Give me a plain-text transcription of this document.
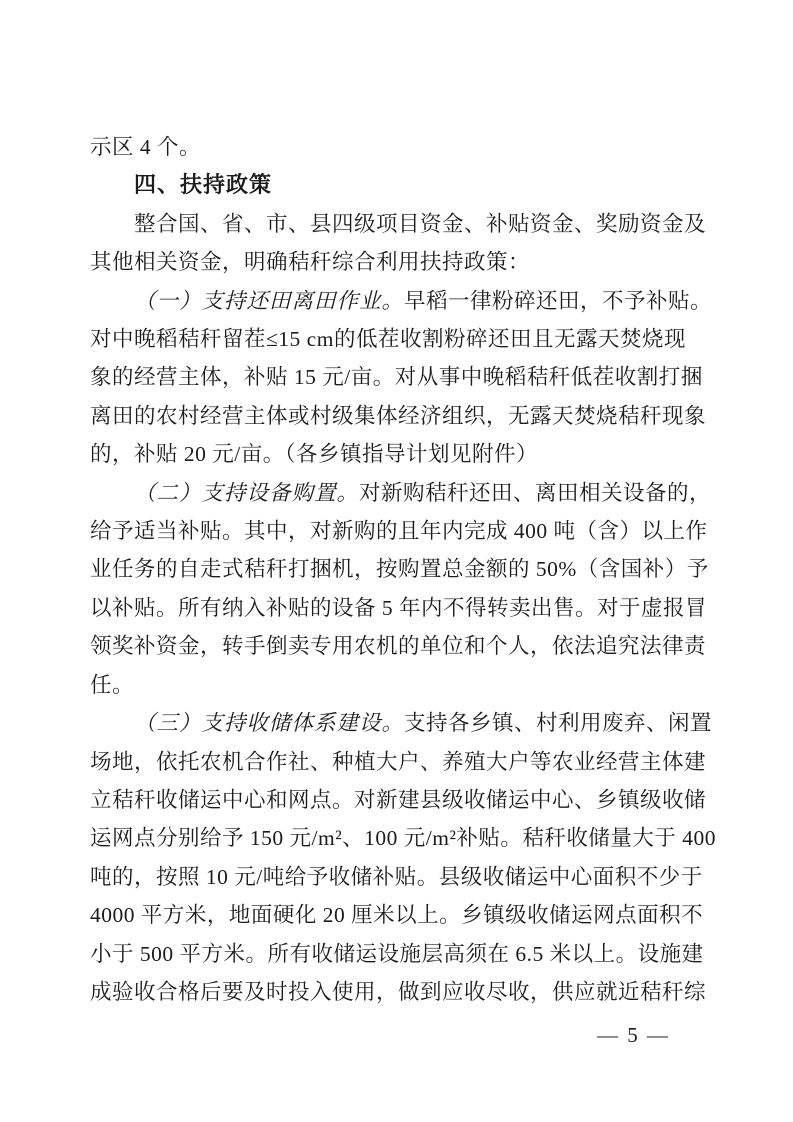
示区 4 个。
四、扶持政策
整合国、省、市、县四级项目资金、补贴资金、奖励资金及
其他相关资金，明确秸秆综合利用扶持政策：
（一）支持还田离田作业。早稻一律粉碎还田，不予补贴。
对中晚稻秸秆留茬≤15 cm的低茬收割粉碎还田且无露天焚烧现
象的经营主体，补贴 15 元/亩。对从事中晚稻秸秆低茬收割打捆
离田的农村经营主体或村级集体经济组织，无露天焚烧秸秆现象
的，补贴 20 元/亩。（各乡镇指导计划见附件）
（二）支持设备购置。对新购秸秆还田、离田相关设备的，
给予适当补贴。其中，对新购的且年内完成 400 吨（含）以上作
业任务的自走式秸秆打捆机，按购置总金额的 50%（含国补）予
以补贴。所有纳入补贴的设备 5 年内不得转卖出售。对于虚报冒
领奖补资金，转手倒卖专用农机的单位和个人，依法追究法律责
任。
（三）支持收储体系建设。支持各乡镇、村利用废弃、闲置
场地，依托农机合作社、种植大户、养殖大户等农业经营主体建
立秸秆收储运中心和网点。对新建县级收储运中心、乡镇级收储
运网点分别给予 150 元/m²、100 元/m²补贴。秸秆收储量大于 400
吨的，按照 10 元/吨给予收储补贴。县级收储运中心面积不少于
4000 平方米，地面硬化 20 厘米以上。乡镇级收储运网点面积不
小于 500 平方米。所有收储运设施层高须在 6.5 米以上。设施建
成验收合格后要及时投入使用，做到应收尽收，供应就近秸秆综
— 5 —
